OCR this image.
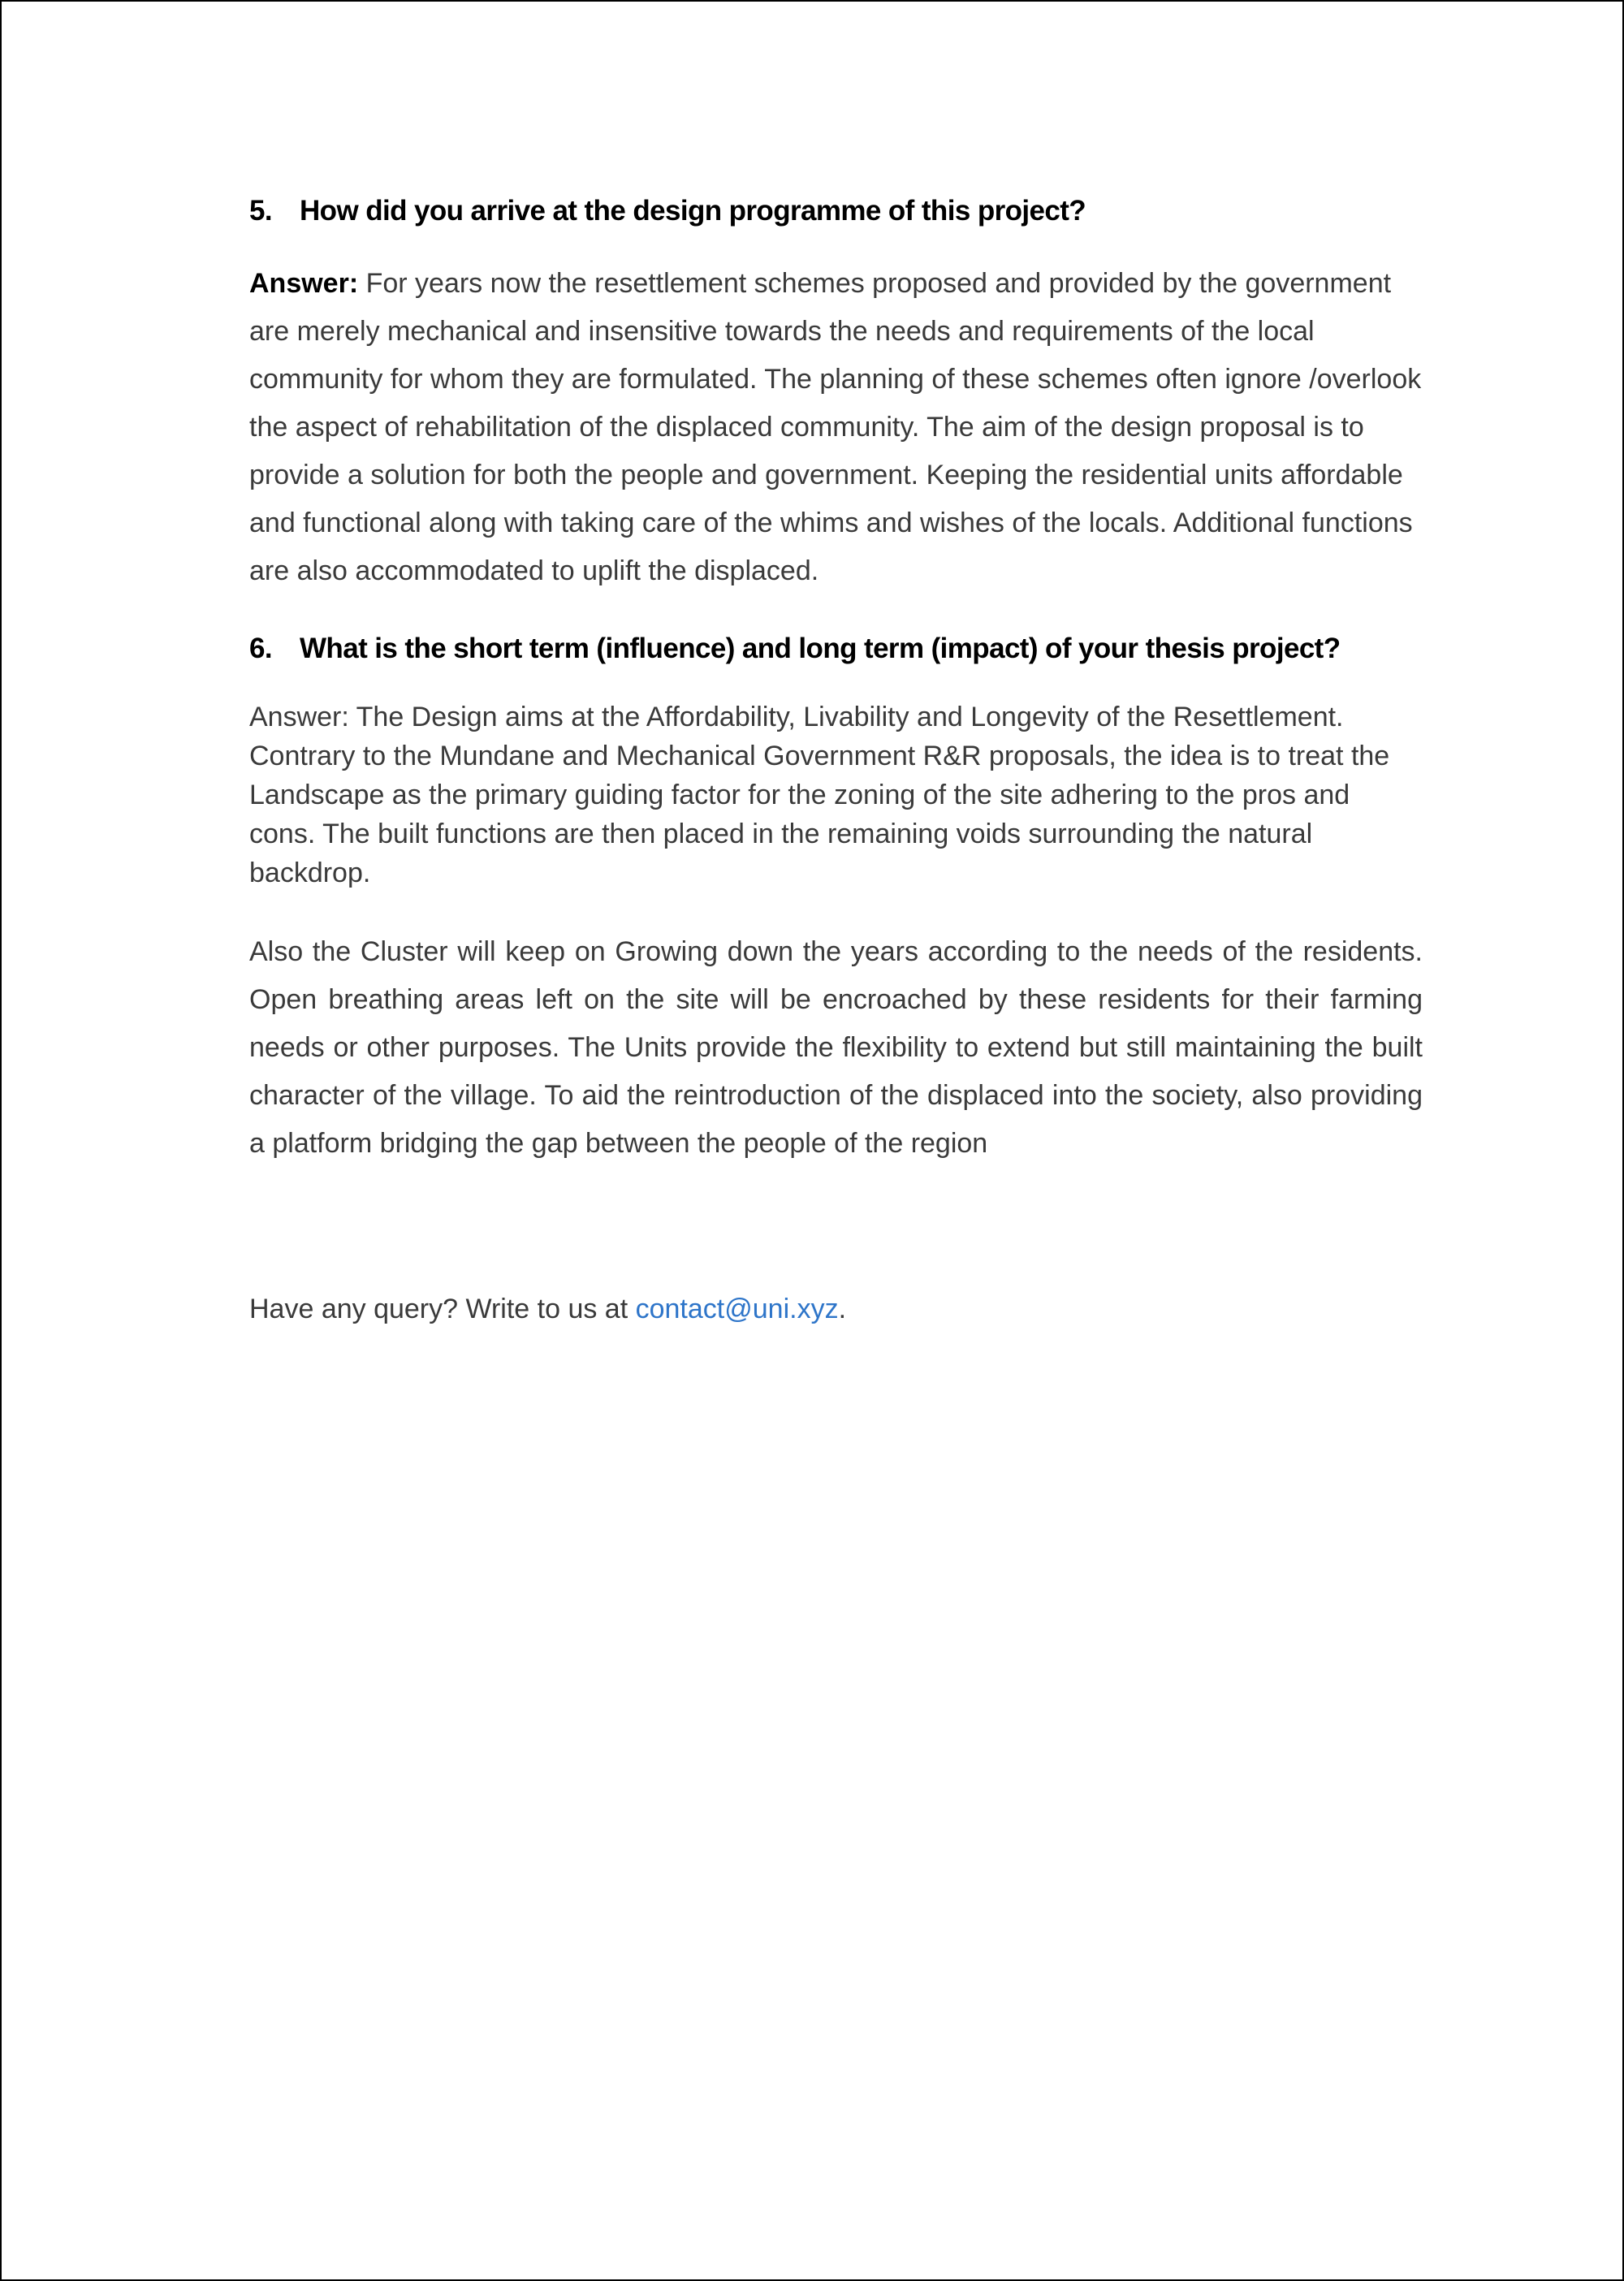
5. How did you arrive at the design programme of this project?

Answer: For years now the resettlement schemes proposed and provided by the government are merely mechanical and insensitive towards the needs and requirements of the local community for whom they are formulated. The planning of these schemes often ignore /overlook the aspect of rehabilitation of the displaced community. The aim of the design proposal is to provide a solution for both the people and government. Keeping the residential units affordable and functional along with taking care of the whims and wishes of the locals. Additional functions are also accommodated to uplift the displaced.

6. What is the short term (influence) and long term (impact) of your thesis project?

Answer: The Design aims at the Affordability, Livability and Longevity of the Resettlement. Contrary to the Mundane and Mechanical Government R&R proposals, the idea is to treat the Landscape as the primary guiding factor for the zoning of the site adhering to the pros and cons. The built functions are then placed in the remaining voids surrounding the natural backdrop.

Also the Cluster will keep on Growing down the years according to the needs of the residents. Open breathing areas left on the site will be encroached by these residents for their farming needs or other purposes. The Units provide the flexibility to extend but still maintaining the built character of the village. To aid the reintroduction of the displaced into the society, also providing a platform bridging the gap between the people of the region

Have any query? Write to us at contact@uni.xyz.
